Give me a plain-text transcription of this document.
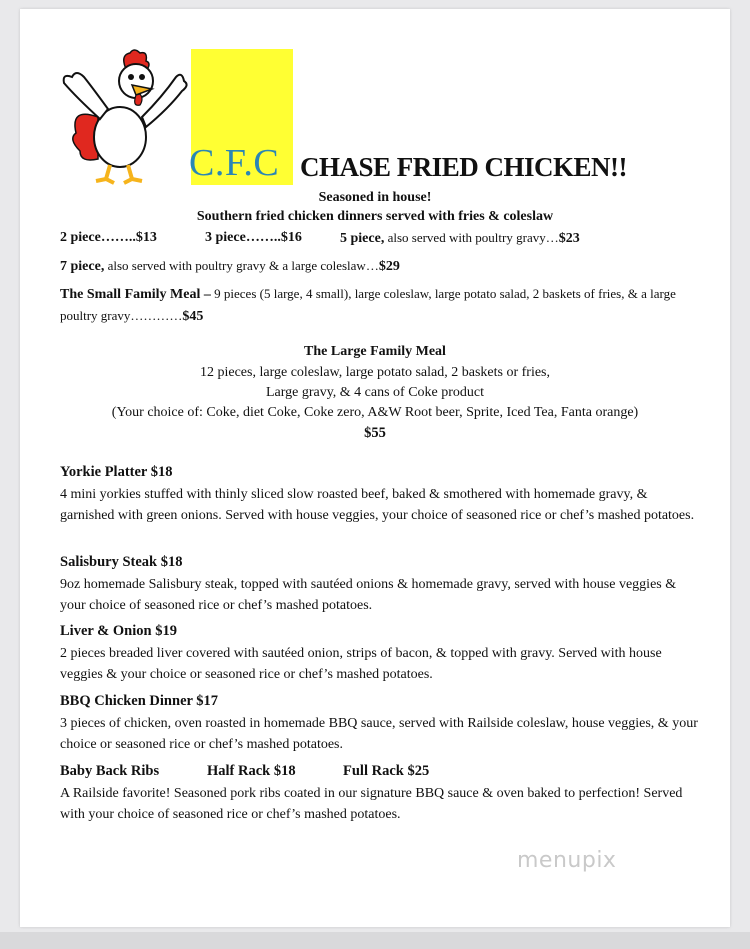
C.F.C CHASE FRIED CHICKEN!!
Seasoned in house!
Southern fried chicken dinners served with fries & coleslaw
2 piece……..$13	3 piece……..$16	5 piece, also served with poultry gravy…$23
7 piece, also served with poultry gravy & a large coleslaw…$29
The Small Family Meal – 9 pieces (5 large, 4 small), large coleslaw, large potato salad, 2 baskets of fries, & a large poultry gravy…………$45
The Large Family Meal
12 pieces, large coleslaw, large potato salad, 2 baskets or fries,
Large gravy, & 4 cans of Coke product
(Your choice of: Coke, diet Coke, Coke zero, A&W Root beer, Sprite, Iced Tea, Fanta orange)
$55
Yorkie Platter $18
4 mini yorkies stuffed with thinly sliced slow roasted beef, baked & smothered with homemade gravy, & garnished with green onions. Served with house veggies, your choice of seasoned rice or chef’s mashed potatoes.
Salisbury Steak $18
9oz homemade Salisbury steak, topped with sautéed onions & homemade gravy, served with house veggies & your choice of seasoned rice or chef’s mashed potatoes.
Liver & Onion $19
2 pieces breaded liver covered with sautéed onion, strips of bacon, & topped with gravy. Served with house veggies & your choice or seasoned rice or chef’s mashed potatoes.
BBQ Chicken Dinner $17
3 pieces of chicken, oven roasted in homemade BBQ sauce, served with Railside coleslaw, house veggies, & your choice or seasoned rice or chef’s mashed potatoes.
Baby Back Ribs	Half Rack $18	Full Rack $25
A Railside favorite! Seasoned pork ribs coated in our signature BBQ sauce & oven baked to perfection! Served with your choice of seasoned rice or chef’s mashed potatoes.
menupix
